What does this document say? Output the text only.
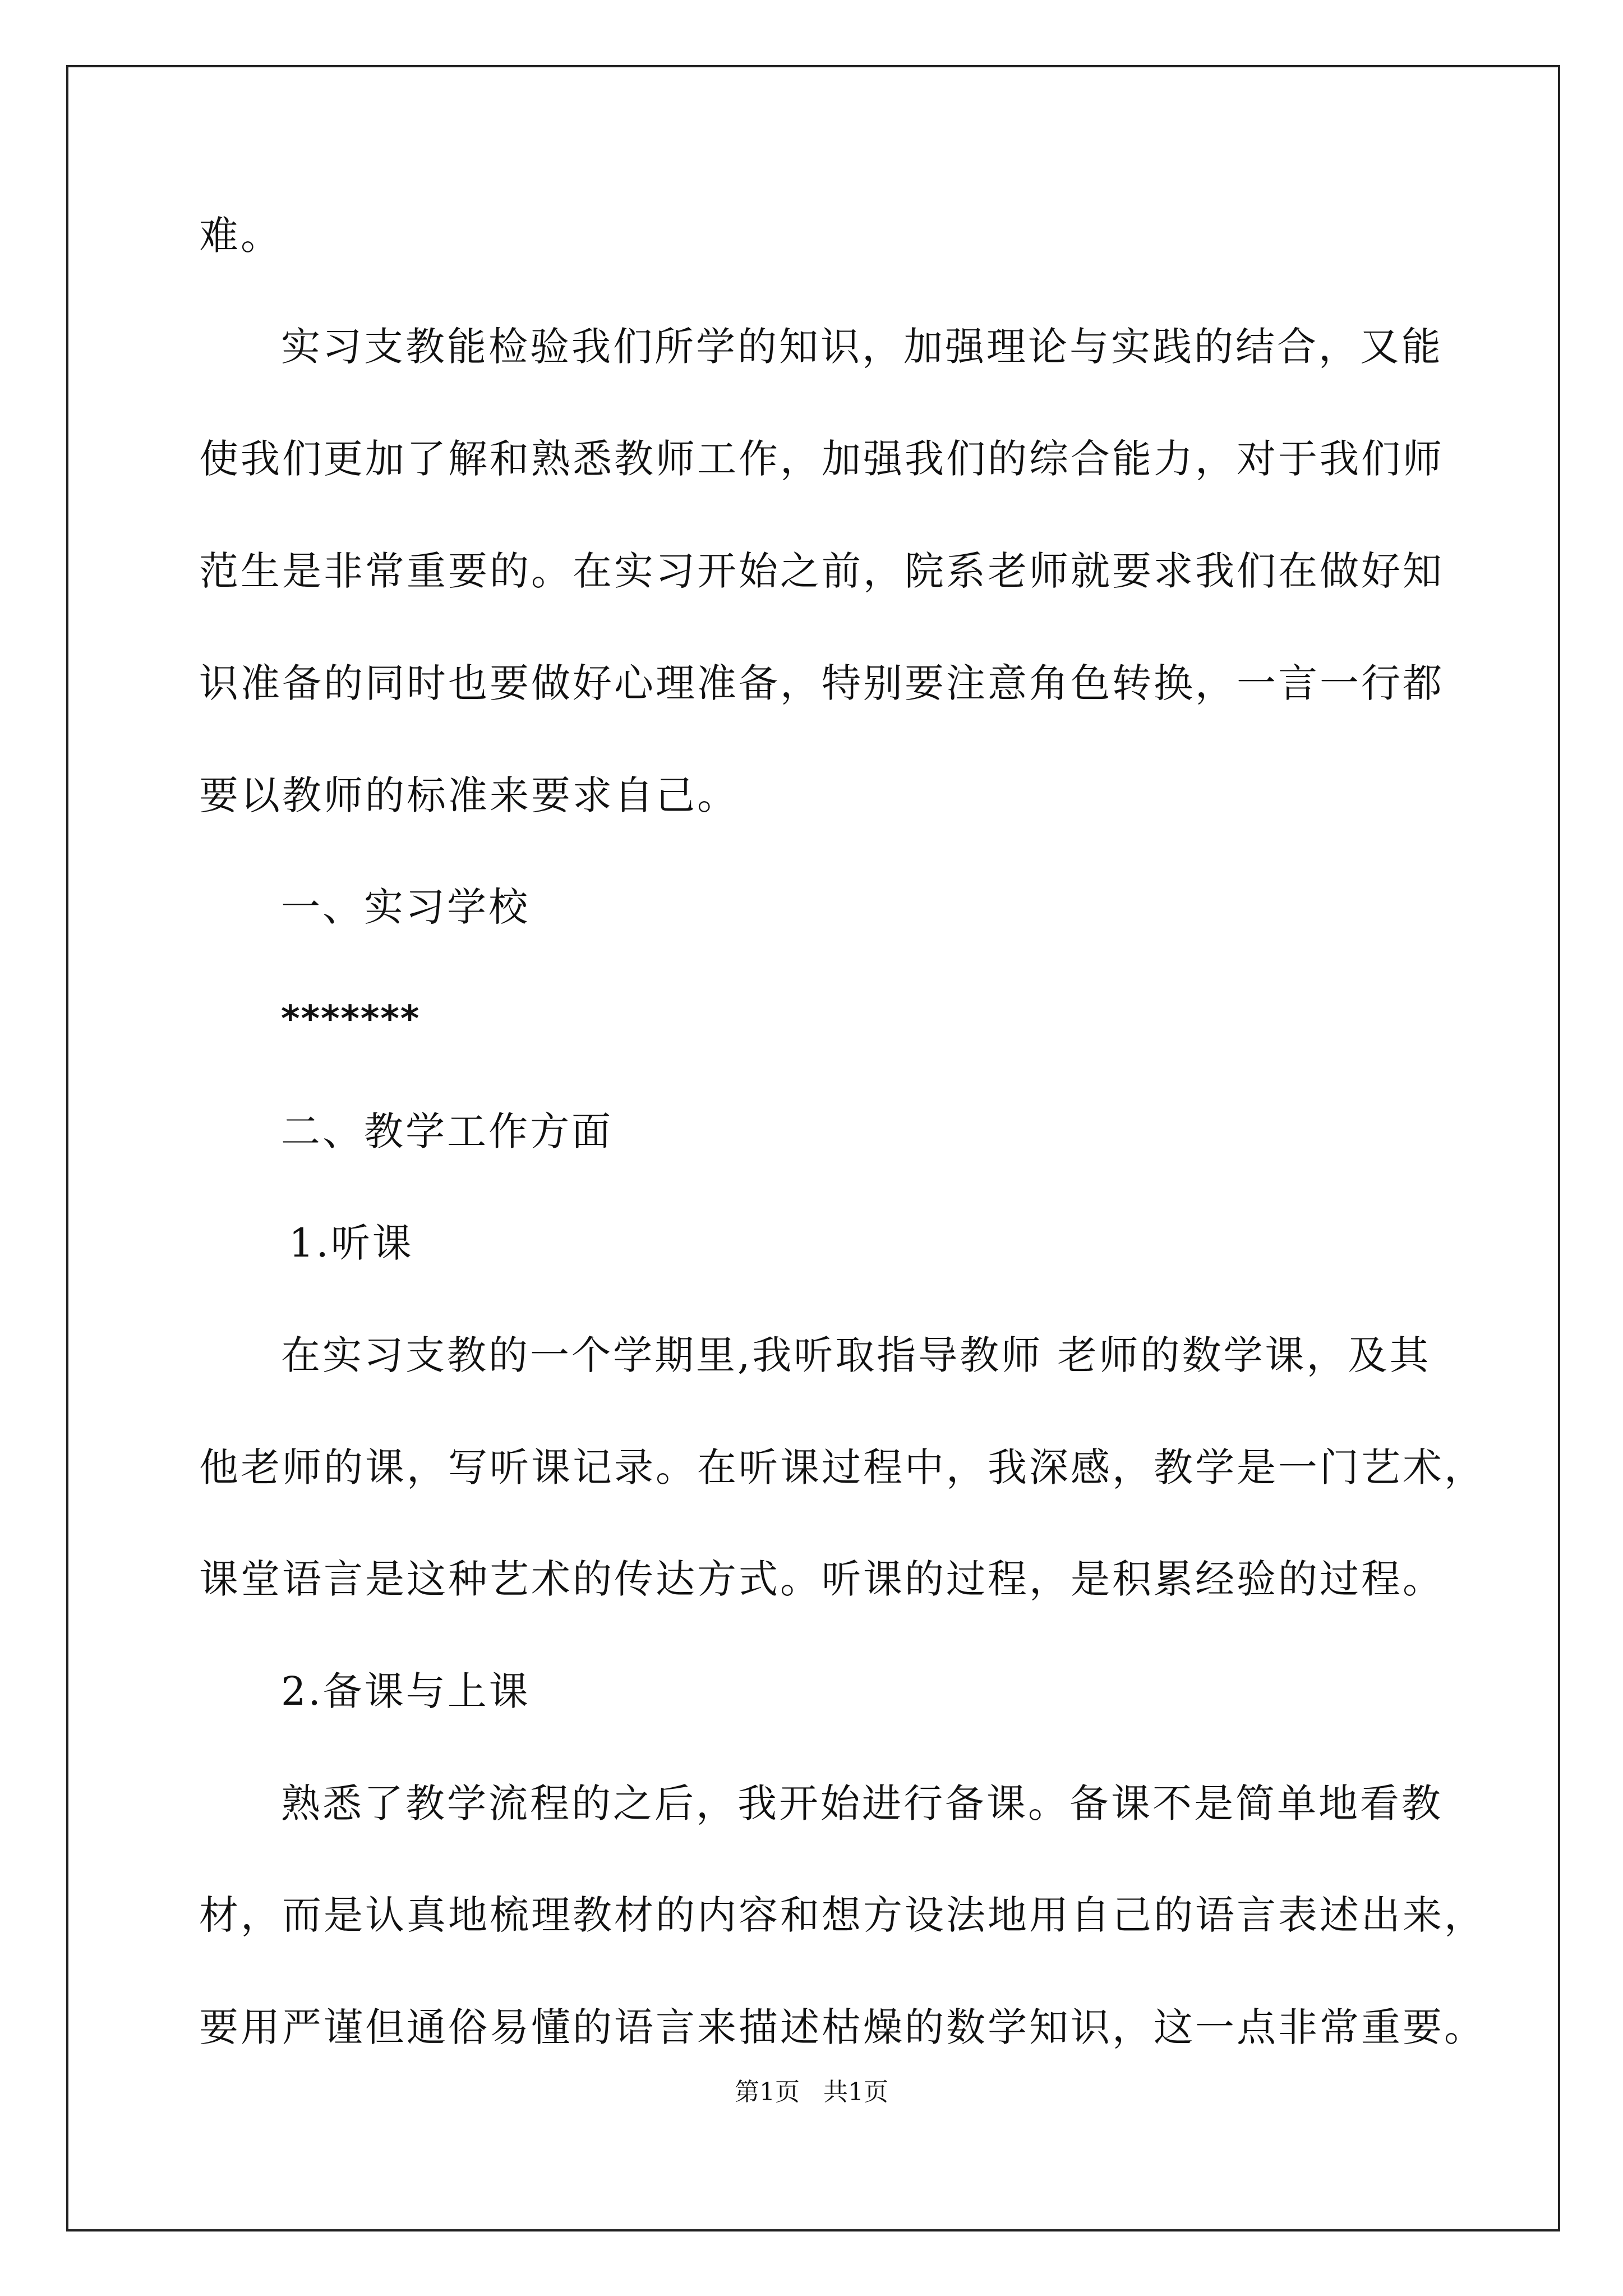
难。
实习支教能检验我们所学的知识，加强理论与实践的结合，又能
使我们更加了解和熟悉教师工作，加强我们的综合能力，对于我们师
范生是非常重要的。在实习开始之前，院系老师就要求我们在做好知
识准备的同时也要做好心理准备，特别要注意角色转换，一言一行都
要以教师的标准来要求自己。
一、实习学校
*******
二、教学工作方面
1.听课
在实习支教的一个学期里,我听取指导教师 老师的数学课，及其
他老师的课，写听课记录。在听课过程中，我深感，教学是一门艺术，
课堂语言是这种艺术的传达方式。听课的过程，是积累经验的过程。
2.备课与上课
熟悉了教学流程的之后，我开始进行备课。备课不是简单地看教
材，而是认真地梳理教材的内容和想方设法地用自己的语言表述出来，
要用严谨但通俗易懂的语言来描述枯燥的数学知识，这一点非常重要。
第1页   共1页
